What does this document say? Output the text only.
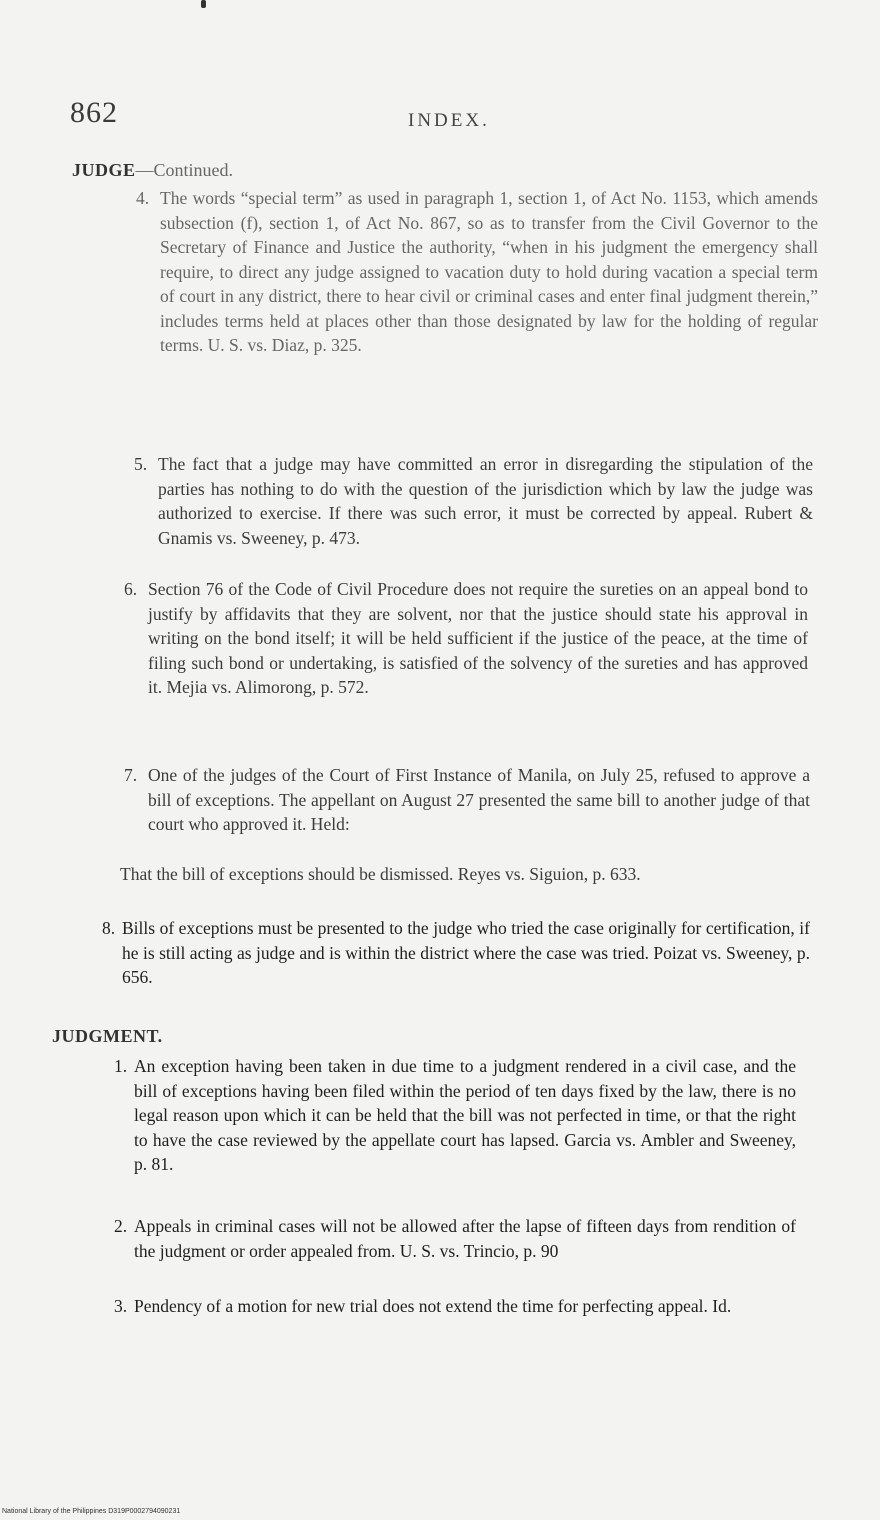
862	INDEX.
JUDGE—Continued.
4. The words “special term” as used in paragraph 1, section 1, of Act No. 1153, which amends subsection (f), section 1, of Act No. 867, so as to transfer from the Civil Governor to the Secretary of Finance and Justice the authority, “when in his judgment the emergency shall require, to direct any judge assigned to vacation duty to hold during vacation a special term of court in any district, there to hear civil or criminal cases and enter final judgment therein,” includes terms held at places other than those designated by law for the holding of regular terms. U. S. vs. Diaz, p. 325.
5. The fact that a judge may have committed an error in disregarding the stipulation of the parties has nothing to do with the question of the jurisdiction which by law the judge was authorized to exercise. If there was such error, it must be corrected by appeal. Rubert & Gnamis vs. Sweeney, p. 473.
6. Section 76 of the Code of Civil Procedure does not require the sureties on an appeal bond to justify by affidavits that they are solvent, nor that the justice should state his approval in writing on the bond itself; it will be held sufficient if the justice of the peace, at the time of filing such bond or undertaking, is satisfied of the solvency of the sureties and has approved it. Mejia vs. Alimorong, p. 572.
7. One of the judges of the Court of First Instance of Manila, on July 25, refused to approve a bill of exceptions. The appellant on August 27 presented the same bill to another judge of that court who approved it. Held:
That the bill of exceptions should be dismissed. Reyes vs. Siguion, p. 633.
8. Bills of exceptions must be presented to the judge who tried the case originally for certification, if he is still acting as judge and is within the district where the case was tried. Poizat vs. Sweeney, p. 656.
JUDGMENT.
1. An exception having been taken in due time to a judgment rendered in a civil case, and the bill of exceptions having been filed within the period of ten days fixed by the law, there is no legal reason upon which it can be held that the bill was not perfected in time, or that the right to have the case reviewed by the appellate court has lapsed. Garcia vs. Ambler and Sweeney, p. 81.
2. Appeals in criminal cases will not be allowed after the lapse of fifteen days from rendition of the judgment or order appealed from. U. S. vs. Trincio, p. 90
3. Pendency of a motion for new trial does not extend the time for perfecting appeal. Id.
National Library of the Philippines D319P0002794090231
